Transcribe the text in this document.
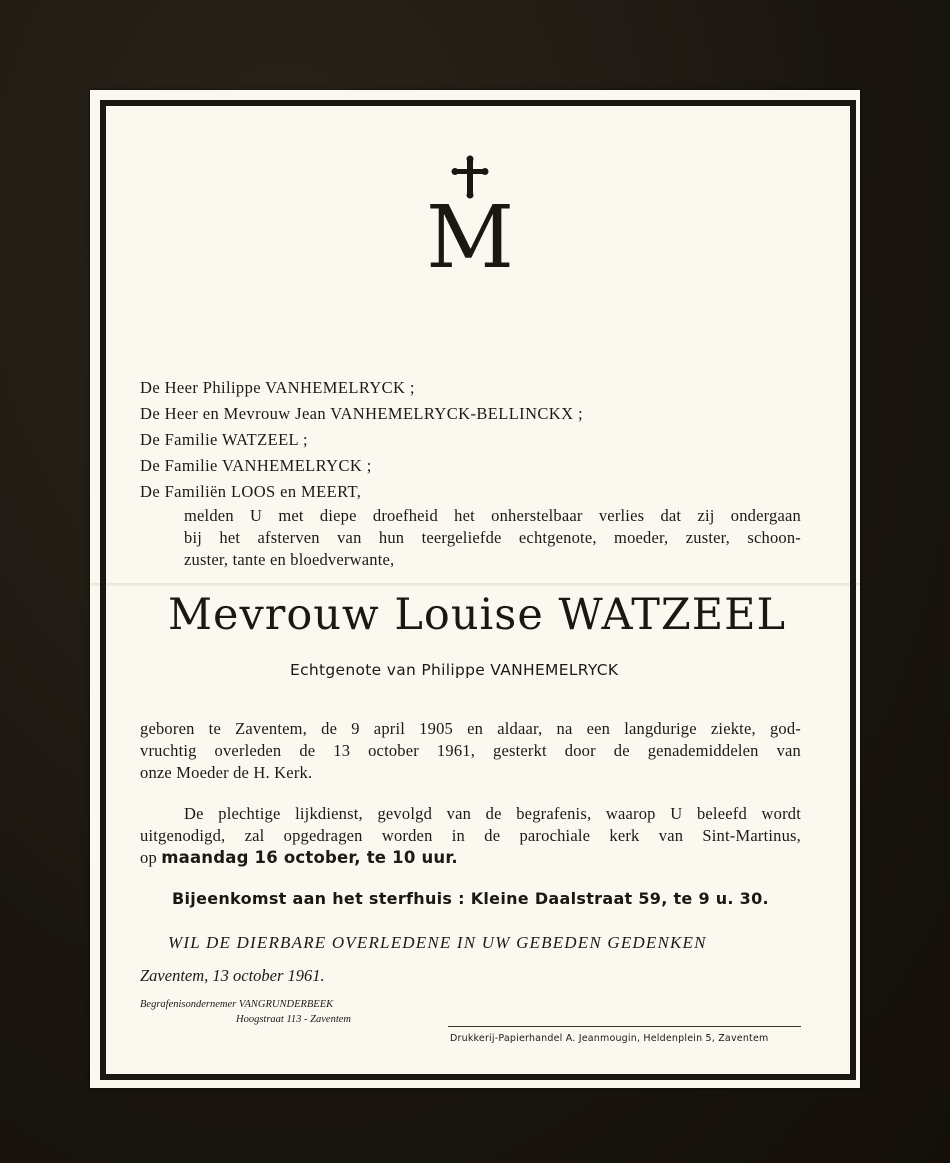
M
De Heer Philippe VANHEMELRYCK ;
De Heer en Mevrouw Jean VANHEMELRYCK-BELLINCKX ;
De Familie WATZEEL ;
De Familie VANHEMELRYCK ;
De Familiën LOOS en MEERT,
melden U met diepe droefheid het onherstelbaar verlies dat zij ondergaan
bij het afsterven van hun teergeliefde echtgenote, moeder, zuster, schoon-
zuster, tante en bloedverwante,
Mevrouw Louise WATZEEL
Echtgenote van Philippe VANHEMELRYCK
geboren te Zaventem, de 9 april 1905 en aldaar, na een langdurige ziekte, god-
vruchtig overleden de 13 october 1961, gesterkt door de genademiddelen van
onze Moeder de H. Kerk.
De plechtige lijkdienst, gevolgd van de begrafenis, waarop U beleefd wordt
uitgenodigd, zal opgedragen worden in de parochiale kerk van Sint-Martinus,
op maandag 16 october, te 10 uur.
Bijeenkomst aan het sterfhuis : Kleine Daalstraat 59, te 9 u. 30.
WIL DE DIERBARE OVERLEDENE IN UW GEBEDEN GEDENKEN
Zaventem, 13 october 1961.
Begrafenisondernemer VANGRUNDERBEEK
Hoogstraat 113 - Zaventem
Drukkerij-Papierhandel A. Jeanmougin, Heldenplein 5, Zaventem
